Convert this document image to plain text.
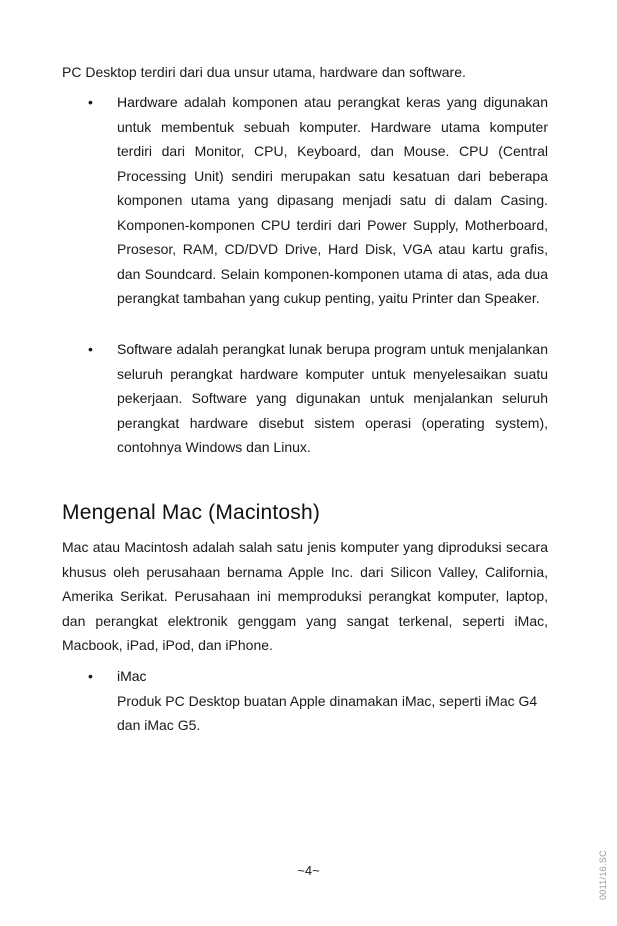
PC Desktop terdiri dari dua unsur utama, hardware dan software.

•	Hardware adalah komponen atau perangkat keras yang digunakan untuk membentuk sebuah komputer. Hardware utama komputer terdiri dari Monitor, CPU, Keyboard, dan Mouse. CPU (Central Processing Unit) sendiri merupakan satu kesatuan dari beberapa komponen utama yang dipasang menjadi satu di dalam Casing. Komponen-komponen CPU terdiri dari Power Supply, Motherboard, Prosesor, RAM, CD/DVD Drive, Hard Disk, VGA atau kartu grafis, dan Soundcard. Selain komponen-komponen utama di atas, ada dua perangkat tambahan yang cukup penting, yaitu Printer dan Speaker.
•	Software adalah perangkat lunak berupa program untuk menjalankan seluruh perangkat hardware komputer untuk menyelesaikan suatu pekerjaan. Software yang digunakan untuk menjalankan seluruh perangkat hardware disebut sistem operasi (operating system), contohnya Windows dan Linux.
Mengenal Mac (Macintosh)

Mac atau Macintosh adalah salah satu jenis komputer yang diproduksi secara khusus oleh perusahaan bernama Apple Inc. dari Silicon Valley, California, Amerika Serikat. Perusahaan ini memproduksi perangkat komputer, laptop, dan perangkat elektronik genggam yang sangat terkenal, seperti iMac, Macbook, iPad, iPod, dan iPhone.

•	iMac
Produk PC Desktop buatan Apple dinamakan iMac, seperti iMac G4 dan iMac G5.
~4~	0011/16.SC
